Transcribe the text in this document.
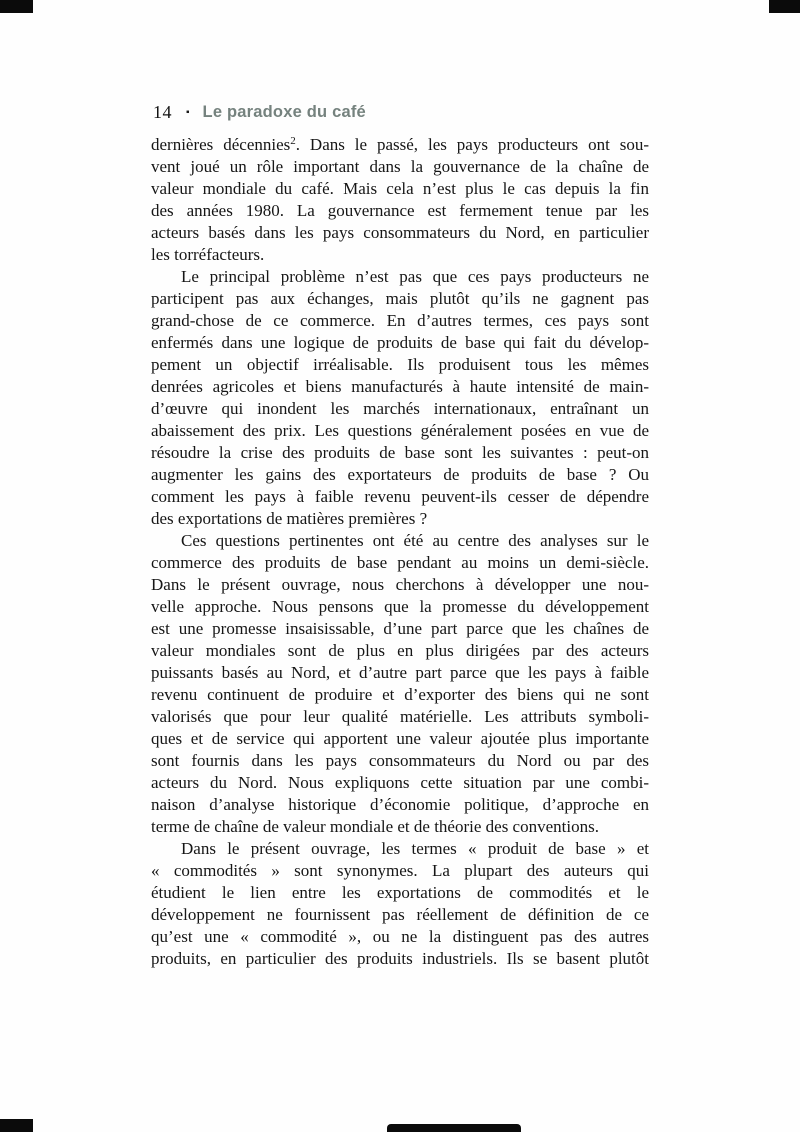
14 ▪ Le paradoxe du café
dernières décennies$^2$. Dans le passé, les pays producteurs ont sou-
vent joué un rôle important dans la gouvernance de la chaîne de
valeur mondiale du café. Mais cela n’est plus le cas depuis la fin
des années 1980. La gouvernance est fermement tenue par les
acteurs basés dans les pays consommateurs du Nord, en particulier
les torréfacteurs.
Le principal problème n’est pas que ces pays producteurs ne
participent pas aux échanges, mais plutôt qu’ils ne gagnent pas
grand-chose de ce commerce. En d’autres termes, ces pays sont
enfermés dans une logique de produits de base qui fait du dévelop-
pement un objectif irréalisable. Ils produisent tous les mêmes
denrées agricoles et biens manufacturés à haute intensité de main-
d’œuvre qui inondent les marchés internationaux, entraînant un
abaissement des prix. Les questions généralement posées en vue de
résoudre la crise des produits de base sont les suivantes : peut-on
augmenter les gains des exportateurs de produits de base ? Ou
comment les pays à faible revenu peuvent-ils cesser de dépendre
des exportations de matières premières ?
Ces questions pertinentes ont été au centre des analyses sur le
commerce des produits de base pendant au moins un demi-siècle.
Dans le présent ouvrage, nous cherchons à développer une nou-
velle approche. Nous pensons que la promesse du développement
est une promesse insaisissable, d’une part parce que les chaînes de
valeur mondiales sont de plus en plus dirigées par des acteurs
puissants basés au Nord, et d’autre part parce que les pays à faible
revenu continuent de produire et d’exporter des biens qui ne sont
valorisés que pour leur qualité matérielle. Les attributs symboli-
ques et de service qui apportent une valeur ajoutée plus importante
sont fournis dans les pays consommateurs du Nord ou par des
acteurs du Nord. Nous expliquons cette situation par une combi-
naison d’analyse historique d’économie politique, d’approche en
terme de chaîne de valeur mondiale et de théorie des conventions.
Dans le présent ouvrage, les termes « produit de base » et
« commodités » sont synonymes. La plupart des auteurs qui
étudient le lien entre les exportations de commodités et le
développement ne fournissent pas réellement de définition de ce
qu’est une « commodité », ou ne la distinguent pas des autres
produits, en particulier des produits industriels. Ils se basent plutôt
